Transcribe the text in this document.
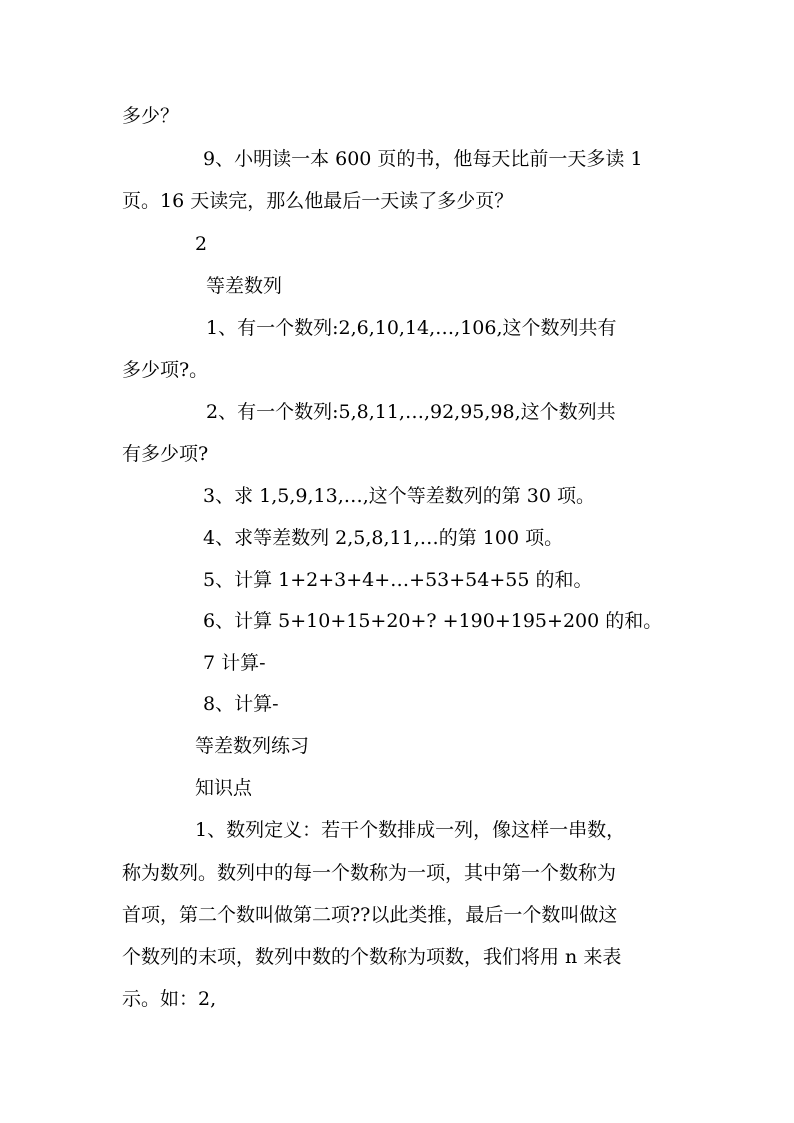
多少？

9、小明读一本 600 页的书，他每天比前一天多读 1

页。16 天读完，那么他最后一天读了多少页？

2

等差数列

1、有一个数列:2,6,10,14,…,106,这个数列共有

多少项?。

2、有一个数列:5,8,11,…,92,95,98,这个数列共

有多少项?

3、求 1,5,9,13,…,这个等差数列的第 30 项。

4、求等差数列 2,5,8,11,…的第 100 项。

5、计算 1+2+3+4+…+53+54+55 的和。

6、计算 5+10+15+20+? +190+195+200 的和。

7 计算-

8、计算-

等差数列练习

知识点

1、数列定义：若干个数排成一列，像这样一串数，

称为数列。数列中的每一个数称为一项，其中第一个数称为

首项，第二个数叫做第二项??以此类推，最后一个数叫做这

个数列的末项，数列中数的个数称为项数，我们将用 n 来表

示。如：2,
